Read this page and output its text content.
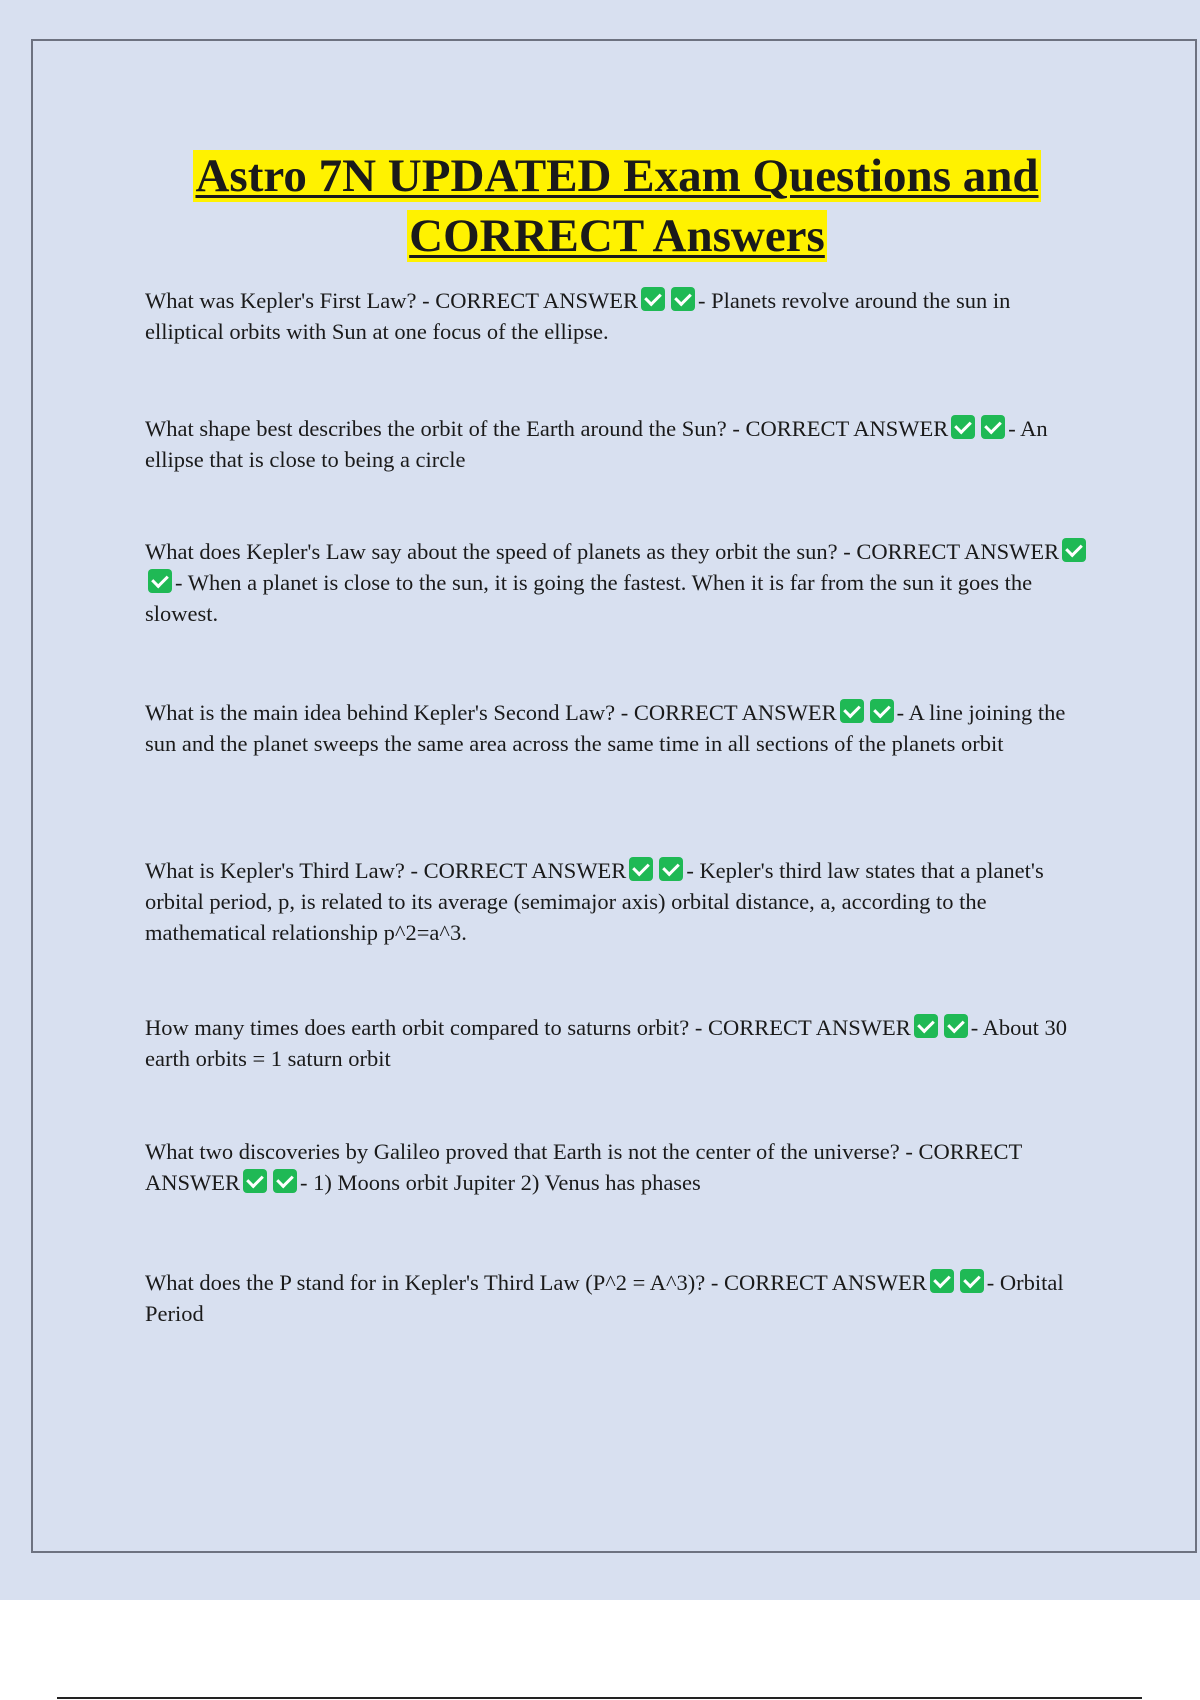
Astro 7N UPDATED Exam Questions and
CORRECT Answers

What was Kepler's First Law? - CORRECT ANSWER	- Planets revolve around the sun in elliptical orbits with Sun at one focus of the ellipse.

What shape best describes the orbit of the Earth around the Sun? - CORRECT ANSWER	- An ellipse that is close to being a circle

What does Kepler's Law say about the speed of planets as they orbit the sun? - CORRECT ANSWER- When a planet is close to the sun, it is going the fastest. When it is far from the sun it goes the slowest.

What is the main idea behind Kepler's Second Law? - CORRECT ANSWER	- A line joining the sun and the planet sweeps the same area across the same time in all sections of the planets orbit

What is Kepler's Third Law? - CORRECT ANSWER	- Kepler's third law states that a planet's orbital period, p, is related to its average (semimajor axis) orbital distance, a, according to the mathematical relationship p^2=a^3.

How many times does earth orbit compared to saturns orbit? - CORRECT ANSWER	- About 30 earth orbits = 1 saturn orbit

What two discoveries by Galileo proved that Earth is not the center of the universe? - CORRECT ANSWER	- 1) Moons orbit Jupiter 2) Venus has phases

What does the P stand for in Kepler's Third Law (P^2 = A^3)? - CORRECT ANSWER	- Orbital Period
